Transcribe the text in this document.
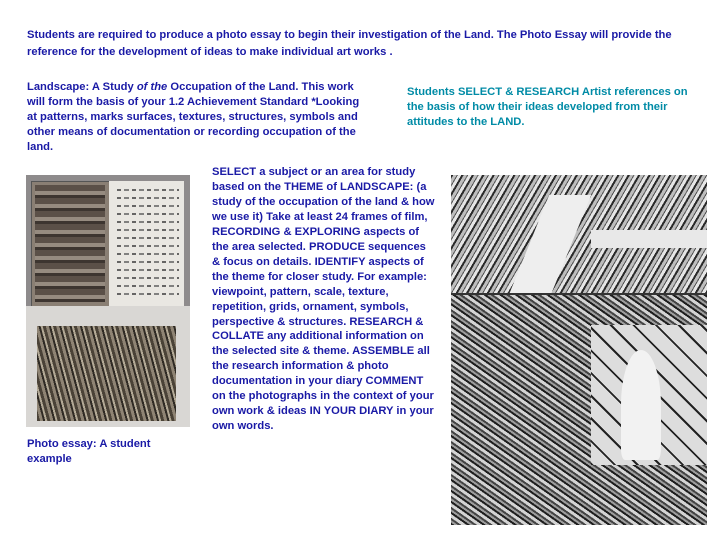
Students are required to produce a photo essay to begin their investigation of the Land. The Photo Essay will provide the reference for the development of ideas to make individual art works .

Landscape: A Study of the Occupation of the Land. This work will form the basis of your 1.2 Achievement Standard *Looking at patterns, marks surfaces, textures, structures, symbols and other means of documentation or recording occupation of the land.

Students SELECT & RESEARCH Artist references on the basis of how their ideas developed from their attitudes to the LAND.

SELECT a subject or an area for study based on the THEME of LANDSCAPE: (a study of the occupation of the land & how we use it) Take at least 24 frames of film, RECORDING & EXPLORING aspects of the area selected. PRODUCE sequences & focus on details. IDENTIFY aspects of the theme for closer study. For example: viewpoint, pattern, scale, texture, repetition, grids, ornament, symbols, perspective & structures. RESEARCH & COLLATE any additional information on the selected site & theme. ASSEMBLE all the research information & photo documentation in your diary COMMENT on the photographs in the context of your own work & ideas IN YOUR DIARY in your own words.

Photo essay: A student example
